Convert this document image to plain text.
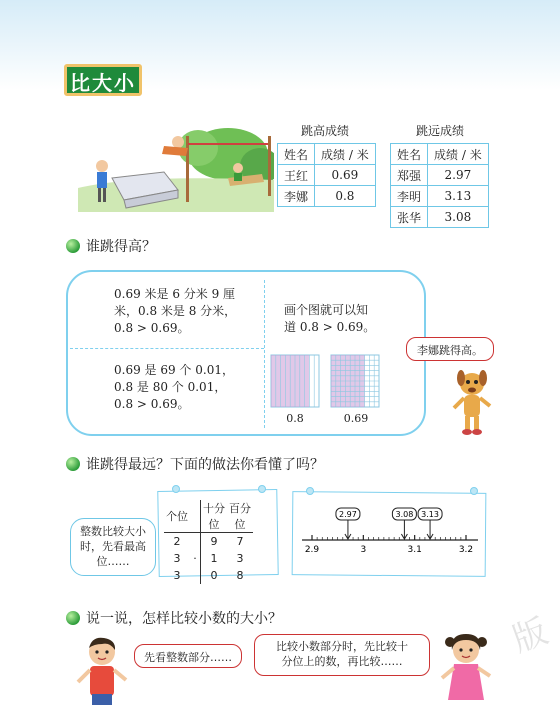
比大小
跳高成绩
姓名	成绩 / 米
王红	0.69
李娜	0.8
跳远成绩
姓名	成绩 / 米
郑强	2.97
李明	3.13
张华	3.08
谁跳得高？
0.69 米是 6 分米 9 厘
米，0.8 米是 8 分米，
0.8 > 0.69。
0.69 是 69 个 0.01，
0.8 是 80 个 0.01，
0.8 > 0.69。
画个图就可以知
道 0.8 > 0.69。
0.8	0.69
李娜跳得高。
谁跳得最远？下面的做法你看懂了吗？
整数比较大小
时，先看最高
位……
个位		十分位	百分位
2		9	7
3	·	1	3
3		0	8
2.9	3	3.1	3.2
2.97	3.08 3.13
说一说，怎样比较小数的大小？
先看整数部分……
比较小数部分时，先比较十
分位上的数，再比较……
版
